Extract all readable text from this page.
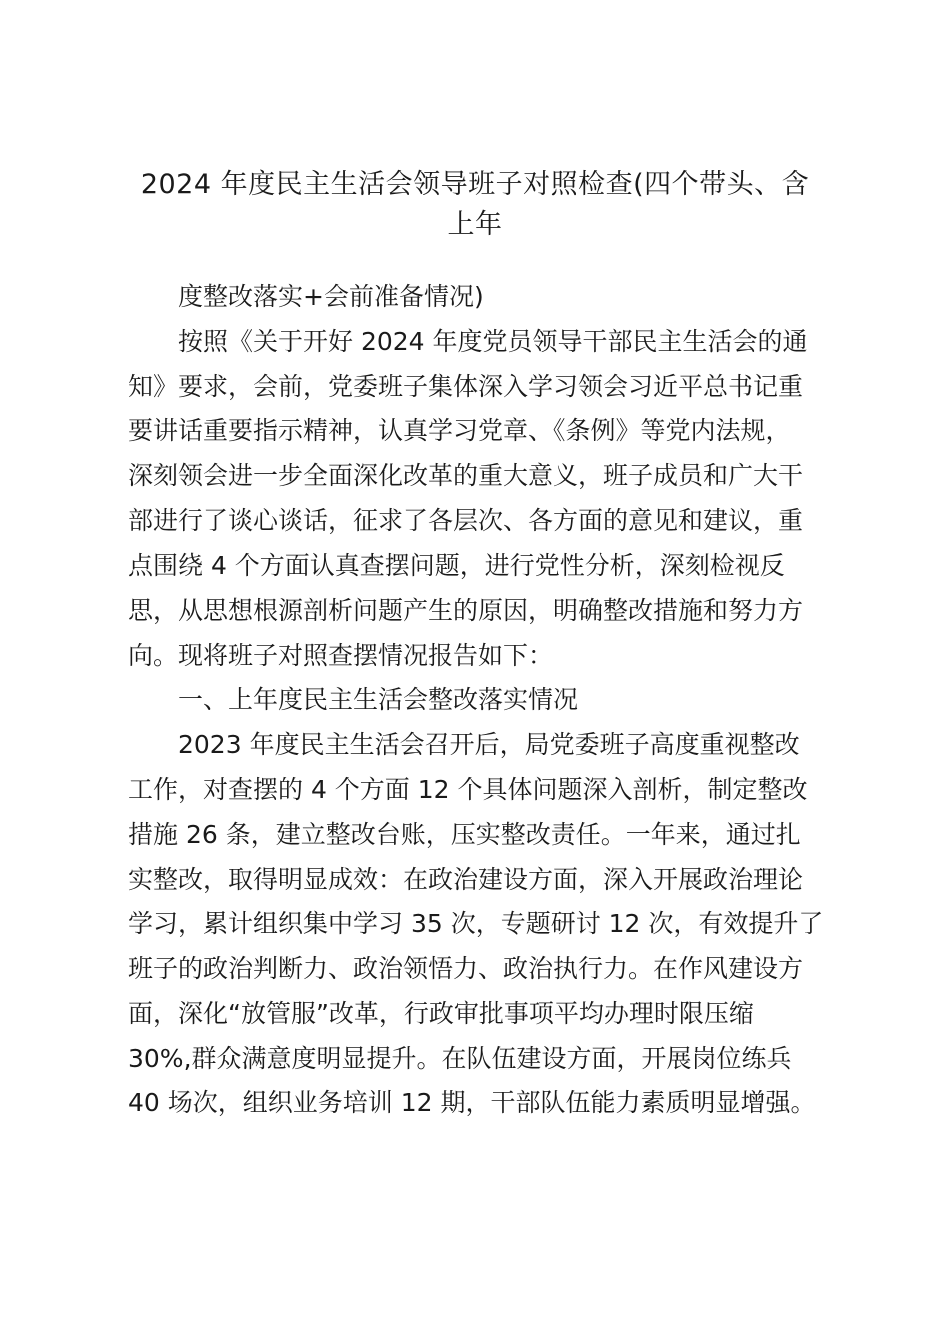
2024 年度民主生活会领导班子对照检查(四个带头、含
上年
度整改落实+会前准备情况)
按照《关于开好 2024 年度党员领导干部民主生活会的通
知》要求，会前，党委班子集体深入学习领会习近平总书记重
要讲话重要指示精神，认真学习党章、《条例》等党内法规，
深刻领会进一步全面深化改革的重大意义，班子成员和广大干
部进行了谈心谈话，征求了各层次、各方面的意见和建议，重
点围绕 4 个方面认真查摆问题，进行党性分析，深刻检视反
思，从思想根源剖析问题产生的原因，明确整改措施和努力方
向。现将班子对照查摆情况报告如下：
一、上年度民主生活会整改落实情况
2023 年度民主生活会召开后，局党委班子高度重视整改
工作，对查摆的 4 个方面 12 个具体问题深入剖析，制定整改
措施 26 条，建立整改台账，压实整改责任。一年来，通过扎
实整改，取得明显成效：在政治建设方面，深入开展政治理论
学习，累计组织集中学习 35 次，专题研讨 12 次，有效提升了
班子的政治判断力、政治领悟力、政治执行力。在作风建设方
面，深化“放管服”改革，行政审批事项平均办理时限压缩
30%,群众满意度明显提升。在队伍建设方面，开展岗位练兵
40 场次，组织业务培训 12 期，干部队伍能力素质明显增强。
